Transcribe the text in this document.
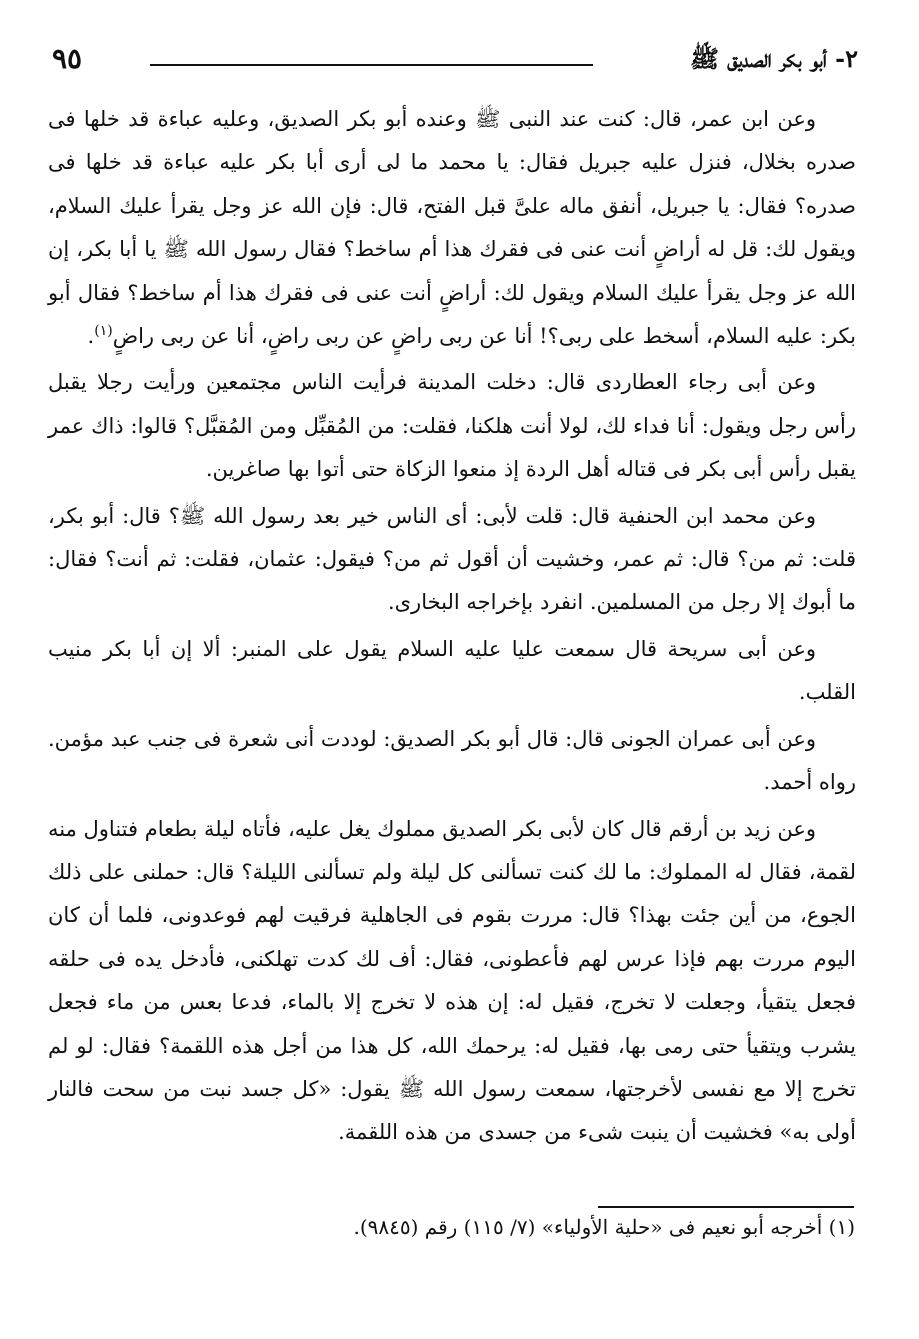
٢- أبو بكر الصديق ﷺ
٩٥

وعن ابن عمر، قال: كنت عند النبى ﷺ وعنده أبو بكر الصديق، وعليه عباءة قد خلها فى صدره بخلال، فنزل عليه جبريل فقال: يا محمد ما لى أرى أبا بكر عليه عباءة قد خلها فى صدره؟ فقال: يا جبريل، أنفق ماله علىَّ قبل الفتح، قال: فإن الله عز وجل يقرأ عليك السلام، ويقول لك: قل له أراضٍ أنت عنى فى فقرك هذا أم ساخط؟ فقال رسول الله ﷺ يا أبا بكر، إن الله عز وجل يقرأ عليك السلام ويقول لك: أراضٍ أنت عنى فى فقرك هذا أم ساخط؟ فقال أبو بكر: عليه السلام، أسخط على ربى؟! أنا عن ربى راضٍ عن ربى راضٍ، أنا عن ربى راضٍ$^{(١)}$.

وعن أبى رجاء العطاردى قال: دخلت المدينة فرأيت الناس مجتمعين ورأيت رجلا يقبل رأس رجل ويقول: أنا فداء لك، لولا أنت هلكنا، فقلت: من المُقبِّل ومن المُقبَّل؟ قالوا: ذاك عمر يقبل رأس أبى بكر فى قتاله أهل الردة إذ منعوا الزكاة حتى أتوا بها صاغرين.

وعن محمد ابن الحنفية قال: قلت لأبى: أى الناس خير بعد رسول الله ﷺ؟ قال: أبو بكر، قلت: ثم من؟ قال: ثم عمر، وخشيت أن أقول ثم من؟ فيقول: عثمان، فقلت: ثم أنت؟ فقال: ما أبوك إلا رجل من المسلمين. انفرد بإخراجه البخارى.

وعن أبى سريحة قال سمعت عليا عليه السلام يقول على المنبر: ألا إن أبا بكر منيب القلب.

وعن أبى عمران الجونى قال: قال أبو بكر الصديق: لوددت أنى شعرة فى جنب عبد مؤمن. رواه أحمد.

وعن زيد بن أرقم قال كان لأبى بكر الصديق مملوك يغل عليه، فأتاه ليلة بطعام فتناول منه لقمة، فقال له المملوك: ما لك كنت تسألنى كل ليلة ولم تسألنى الليلة؟ قال: حملنى على ذلك الجوع، من أين جئت بهذا؟ قال: مررت بقوم فى الجاهلية فرقيت لهم فوعدونى، فلما أن كان اليوم مررت بهم فإذا عرس لهم فأعطونى، فقال: أف لك كدت تهلكنى، فأدخل يده فى حلقه فجعل يتقيأ، وجعلت لا تخرج، فقيل له: إن هذه لا تخرج إلا بالماء، فدعا بعس من ماء فجعل يشرب ويتقيأ حتى رمى بها، فقيل له: يرحمك الله، كل هذا من أجل هذه اللقمة؟ فقال: لو لم تخرج إلا مع نفسى لأخرجتها، سمعت رسول الله ﷺ يقول: «كل جسد نبت من سحت فالنار أولى به» فخشيت أن ينبت شىء من جسدى من هذه اللقمة.

(١) أخرجه أبو نعيم فى «حلية الأولياء» (٧/ ١١٥) رقم (٩٨٤٥).
